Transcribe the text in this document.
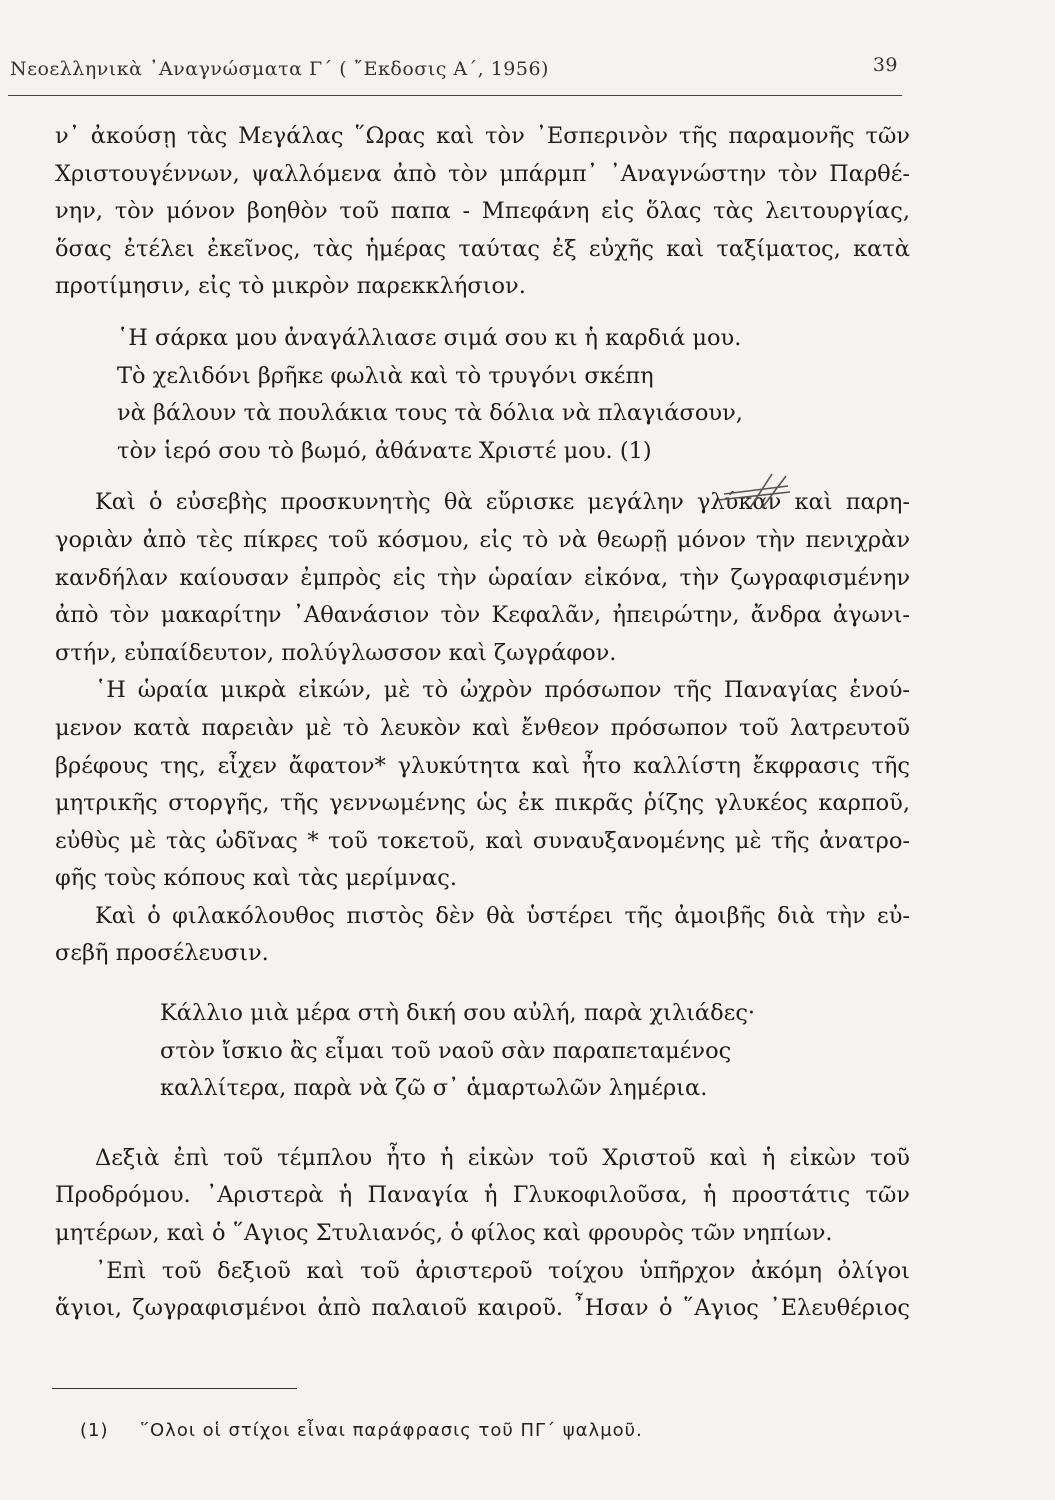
Νεοελληνικὰ ᾽Αναγνώσματα Γ΄ ( ῎Εκδοσις Α΄, 1956)	39
ν᾽ ἀκούσῃ τὰς Μεγάλας ῞Ωρας καὶ τὸν ᾽Εσπερινὸν τῆς παραμονῆς τῶν
Χριστουγέννων, ψαλλόμενα ἀπὸ τὸν μπάρμπ᾽ ᾽Αναγνώστην τὸν Παρθέ-
νην, τὸν μόνον βοηθὸν τοῦ παπα - Μπεφάνη εἰς ὅλας τὰς λειτουργίας,
ὅσας ἐτέλει ἐκεῖνος, τὰς ἡμέρας ταύτας ἐξ εὐχῆς καὶ ταξίματος, κατὰ
προτίμησιν, εἰς τὸ μικρὸν παρεκκλήσιον.
῾Η σάρκα μου ἀναγάλλιασε σιμά σου κι ἡ καρδιά μου.
Τὸ χελιδόνι βρῆκε φωλιὰ καὶ τὸ τρυγόνι σκέπη
νὰ βάλουν τὰ πουλάκια τους τὰ δόλια νὰ πλαγιάσουν,
τὸν ἱερό σου τὸ βωμό, ἀθάνατε Χριστέ μου. (1)
Καὶ ὁ εὐσεβὴς προσκυνητὴς θὰ εὕρισκε μεγάλην γλύκαν καὶ παρη-
γοριὰν ἀπὸ τὲς πίκρες τοῦ κόσμου, εἰς τὸ νὰ θεωρῇ μόνον τὴν πενιχρὰν
κανδήλαν καίουσαν ἐμπρὸς εἰς τὴν ὡραίαν εἰκόνα, τὴν ζωγραφισμένην
ἀπὸ τὸν μακαρίτην ᾽Αθανάσιον τὸν Κεφαλᾶν, ἠπειρώτην, ἄνδρα ἀγωνι-
στήν, εὐπαίδευτον, πολύγλωσσον καὶ ζωγράφον.
῾Η ὡραία μικρὰ εἰκών, μὲ τὸ ὠχρὸν πρόσωπον τῆς Παναγίας ἑνού-
μενον κατὰ παρειὰν μὲ τὸ λευκὸν καὶ ἔνθεον πρόσωπον τοῦ λατρευτοῦ
βρέφους της, εἶχεν ἄφατον* γλυκύτητα καὶ ἦτο καλλίστη ἔκφρασις τῆς
μητρικῆς στοργῆς, τῆς γεννωμένης ὡς ἐκ πικρᾶς ῥίζης γλυκέος καρποῦ,
εὐθὺς μὲ τὰς ὠδῖνας * τοῦ τοκετοῦ, καὶ συναυξανομένης μὲ τῆς ἀνατρο-
φῆς τοὺς κόπους καὶ τὰς μερίμνας.
Καὶ ὁ φιλακόλουθος πιστὸς δὲν θὰ ὑστέρει τῆς ἀμοιβῆς διὰ τὴν εὐ-
σεβῆ προσέλευσιν.
Κάλλιο μιὰ μέρα στὴ δική σου αὐλή, παρὰ χιλιάδες·
στὸν ἴσκιο ἂς εἶμαι τοῦ ναοῦ σὰν παραπεταμένος
καλλίτερα, παρὰ νὰ ζῶ σ᾽ ἁμαρτωλῶν λημέρια.
Δεξιὰ ἐπὶ τοῦ τέμπλου ἦτο ἡ εἰκὼν τοῦ Χριστοῦ καὶ ἡ εἰκὼν τοῦ
Προδρόμου. ᾽Αριστερὰ ἡ Παναγία ἡ Γλυκοφιλοῦσα, ἡ προστάτις τῶν
μητέρων, καὶ ὁ ῞Αγιος Στυλιανός, ὁ φίλος καὶ φρουρὸς τῶν νηπίων.
᾽Επὶ τοῦ δεξιοῦ καὶ τοῦ ἀριστεροῦ τοίχου ὑπῆρχον ἀκόμη ὀλίγοι
ἅγιοι, ζωγραφισμένοι ἀπὸ παλαιοῦ καιροῦ. ῏Ησαν ὁ ῞Αγιος ᾽Ελευθέριος
(1) ῞Ολοι οἱ στίχοι εἶναι παράφρασις τοῦ ΠΓ΄ ψαλμοῦ.
